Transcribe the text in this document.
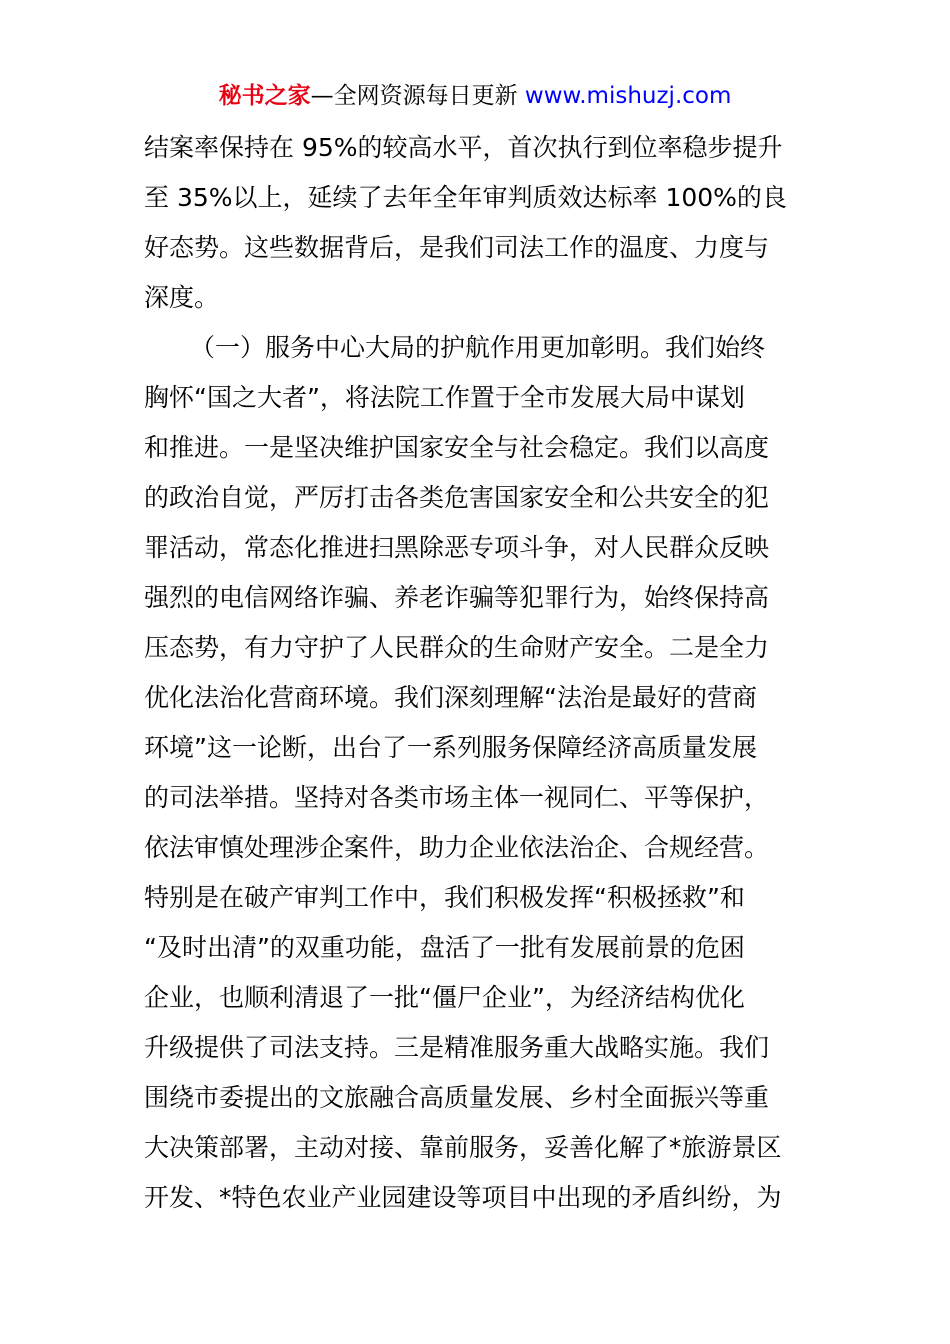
秘书之家—全网资源每日更新 www.mishuzj.com
结案率保持在 95%的较高水平，首次执行到位率稳步提升
至 35%以上，延续了去年全年审判质效达标率 100%的良
好态势。这些数据背后，是我们司法工作的温度、力度与
深度。
（一）服务中心大局的护航作用更加彰明。我们始终
胸怀“国之大者”，将法院工作置于全市发展大局中谋划
和推进。一是坚决维护国家安全与社会稳定。我们以高度
的政治自觉，严厉打击各类危害国家安全和公共安全的犯
罪活动，常态化推进扫黑除恶专项斗争，对人民群众反映
强烈的电信网络诈骗、养老诈骗等犯罪行为，始终保持高
压态势，有力守护了人民群众的生命财产安全。二是全力
优化法治化营商环境。我们深刻理解“法治是最好的营商
环境”这一论断，出台了一系列服务保障经济高质量发展
的司法举措。坚持对各类市场主体一视同仁、平等保护，
依法审慎处理涉企案件，助力企业依法治企、合规经营。
特别是在破产审判工作中，我们积极发挥“积极拯救”和
“及时出清”的双重功能，盘活了一批有发展前景的危困
企业，也顺利清退了一批“僵尸企业”，为经济结构优化
升级提供了司法支持。三是精准服务重大战略实施。我们
围绕市委提出的文旅融合高质量发展、乡村全面振兴等重
大决策部署，主动对接、靠前服务，妥善化解了*旅游景区
开发、*特色农业产业园建设等项目中出现的矛盾纠纷，为
